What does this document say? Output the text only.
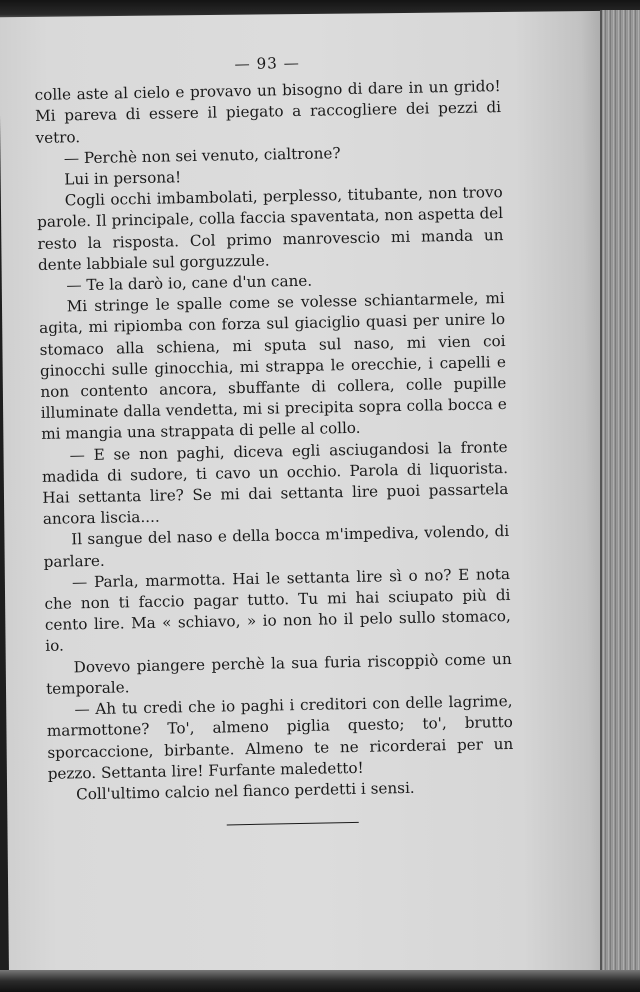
— 93 —

colle aste al cielo e provavo un bisogno di dare in un grido! Mi pareva di essere il piegato a raccogliere dei pezzi di vetro.

— Perchè non sei venuto, cialtrone?

Lui in persona!

Cogli occhi imbambolati, perplesso, titubante, non trovo parole. Il principale, colla faccia spaventata, non aspetta del resto la risposta. Col primo manrovescio mi manda un dente labbiale sul gorguzzule.

— Te la darò io, cane d'un cane.

Mi stringe le spalle come se volesse schiantarmele, mi agita, mi ripiomba con forza sul giaciglio quasi per unire lo stomaco alla schiena, mi sputa sul naso, mi vien coi ginocchi sulle ginocchia, mi strappa le orecchie, i capelli e non contento ancora, sbuffante di collera, colle pupille illuminate dalla vendetta, mi si precipita sopra colla bocca e mi mangia una strappata di pelle al collo.

— E se non paghi, diceva egli asciugandosi la fronte madida di sudore, ti cavo un occhio. Parola di liquorista. Hai settanta lire? Se mi dai settanta lire puoi passartela ancora liscia....

Il sangue del naso e della bocca m'impediva, volendo, di parlare.

— Parla, marmotta. Hai le settanta lire sì o no? E nota che non ti faccio pagar tutto. Tu mi hai sciupato più di cento lire. Ma « schiavo, » io non ho il pelo sullo stomaco, io.

Dovevo piangere perchè la sua furia riscoppiò come un temporale.

— Ah tu credi che io paghi i creditori con delle lagrime, marmottone? To', almeno piglia questo; to', brutto sporcaccione, birbante. Almeno te ne ricorderai per un pezzo. Settanta lire! Furfante maledetto!

Coll'ultimo calcio nel fianco perdetti i sensi.
